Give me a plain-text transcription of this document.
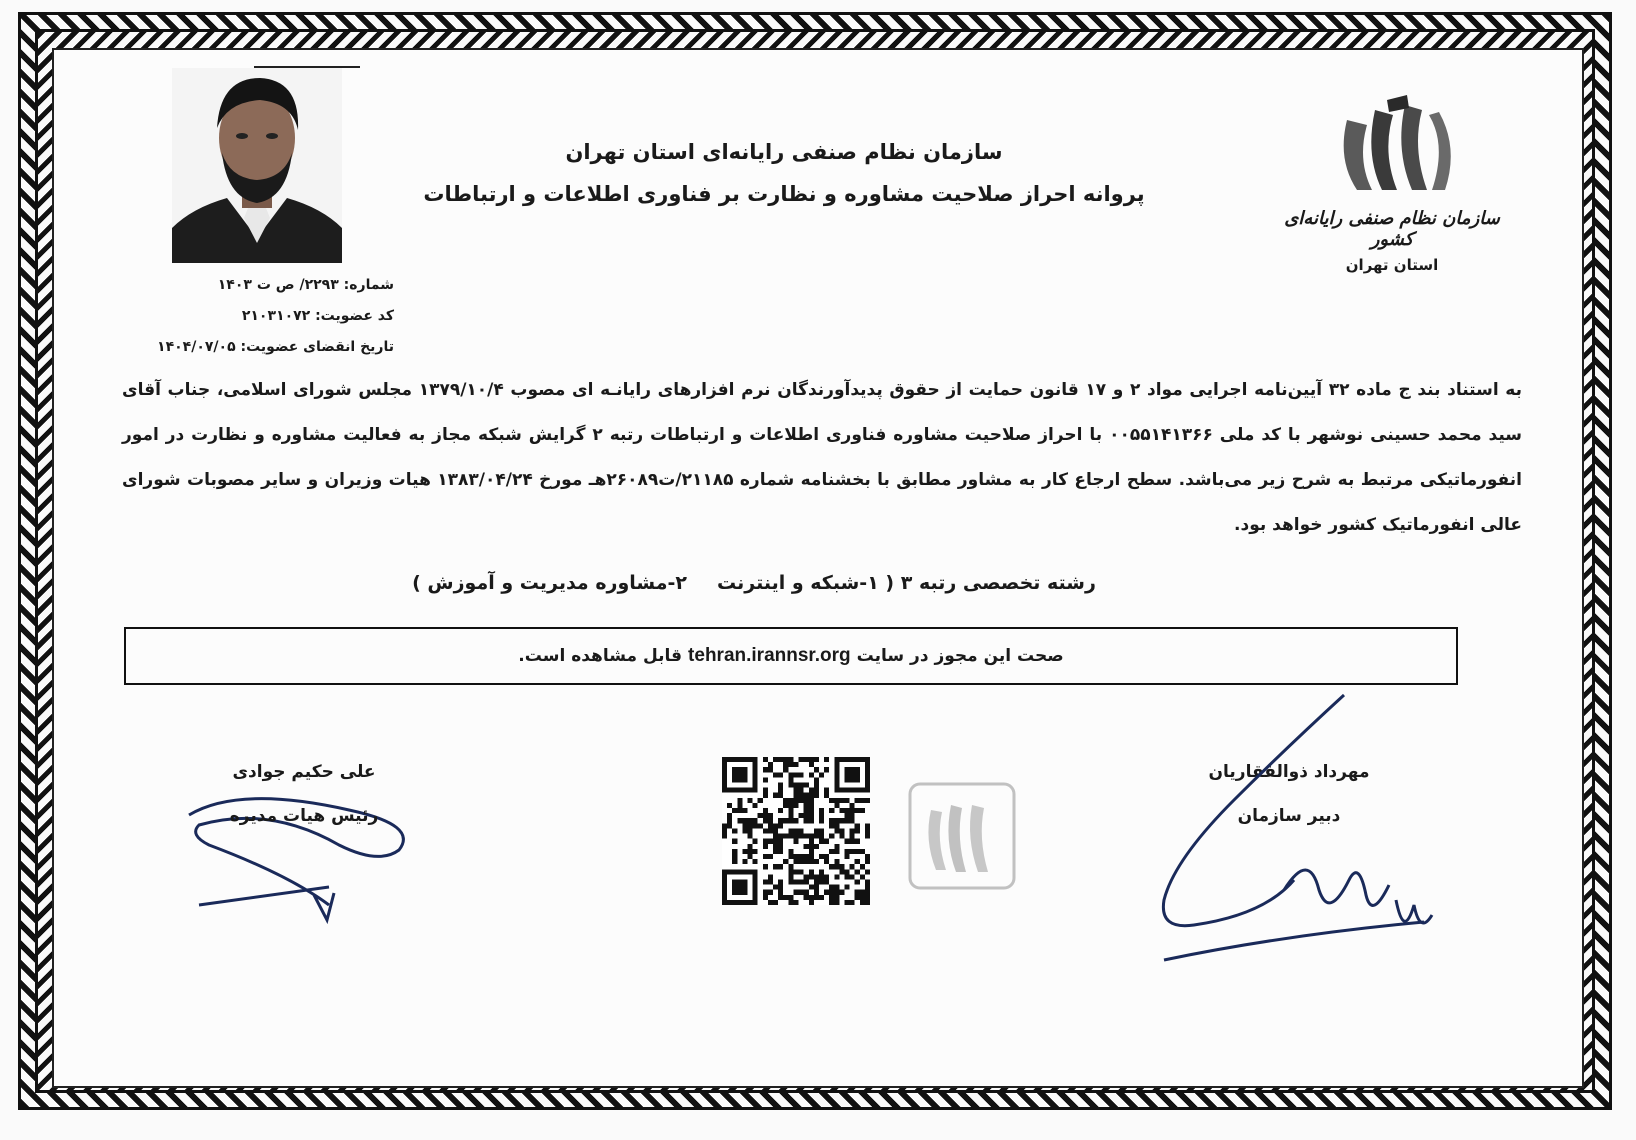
شماره: ۲۲۹۳/ ص ت ۱۴۰۳
کد عضویت: ۲۱۰۳۱۰۷۲
تاریخ انقضای عضویت: ۱۴۰۴/۰۷/۰۵
سازمان نظام صنفی رایانه‌ای استان تهران
پروانه احراز صلاحیت مشاوره و نظارت بر فناوری اطلاعات و ارتباطات
سازمان نظام صنفی رایانه‌ای کشور
استان تهران
به استناد بند ج ماده ۳۲ آیین‌نامه اجرایی مواد ۲ و ۱۷ قانون حمایت از حقوق پدیدآورندگان نرم افزارهای رایانـه ای مصوب ۱۳۷۹/۱۰/۴ مجلس شورای اسلامی، جناب آقای سید محمد حسینی نوشهر با کد ملی ۰۰۵۵۱۴۱۳۶۶ با احراز صلاحیت مشاوره فناوری اطلاعات و ارتباطات رتبه ۲ گرایش شبکه مجاز به فعالیت مشاوره و نظارت در امور انفورماتیکی مرتبط به شرح زیر می‌باشد. سطح ارجاع کار به مشاور مطابق با بخشنامه شماره ۲۱۱۸۵/ت۲۶۰۸۹هـ مورخ ۱۳۸۳/۰۴/۲۴ هیات وزیران و سایر مصوبات شورای عالی انفورماتیک کشور خواهد بود.
رشته تخصصی رتبه ۳ ( ۱-شبکه و اینترنت۲-مشاوره مدیریت و آموزش )
صحت این مجوز در سایت
tehran.irannsr.org
قابل مشاهده است.
علی حکیم جوادی
رئیس هیات مدیره
مهرداد ذوالفقاریان
دبیر سازمان
